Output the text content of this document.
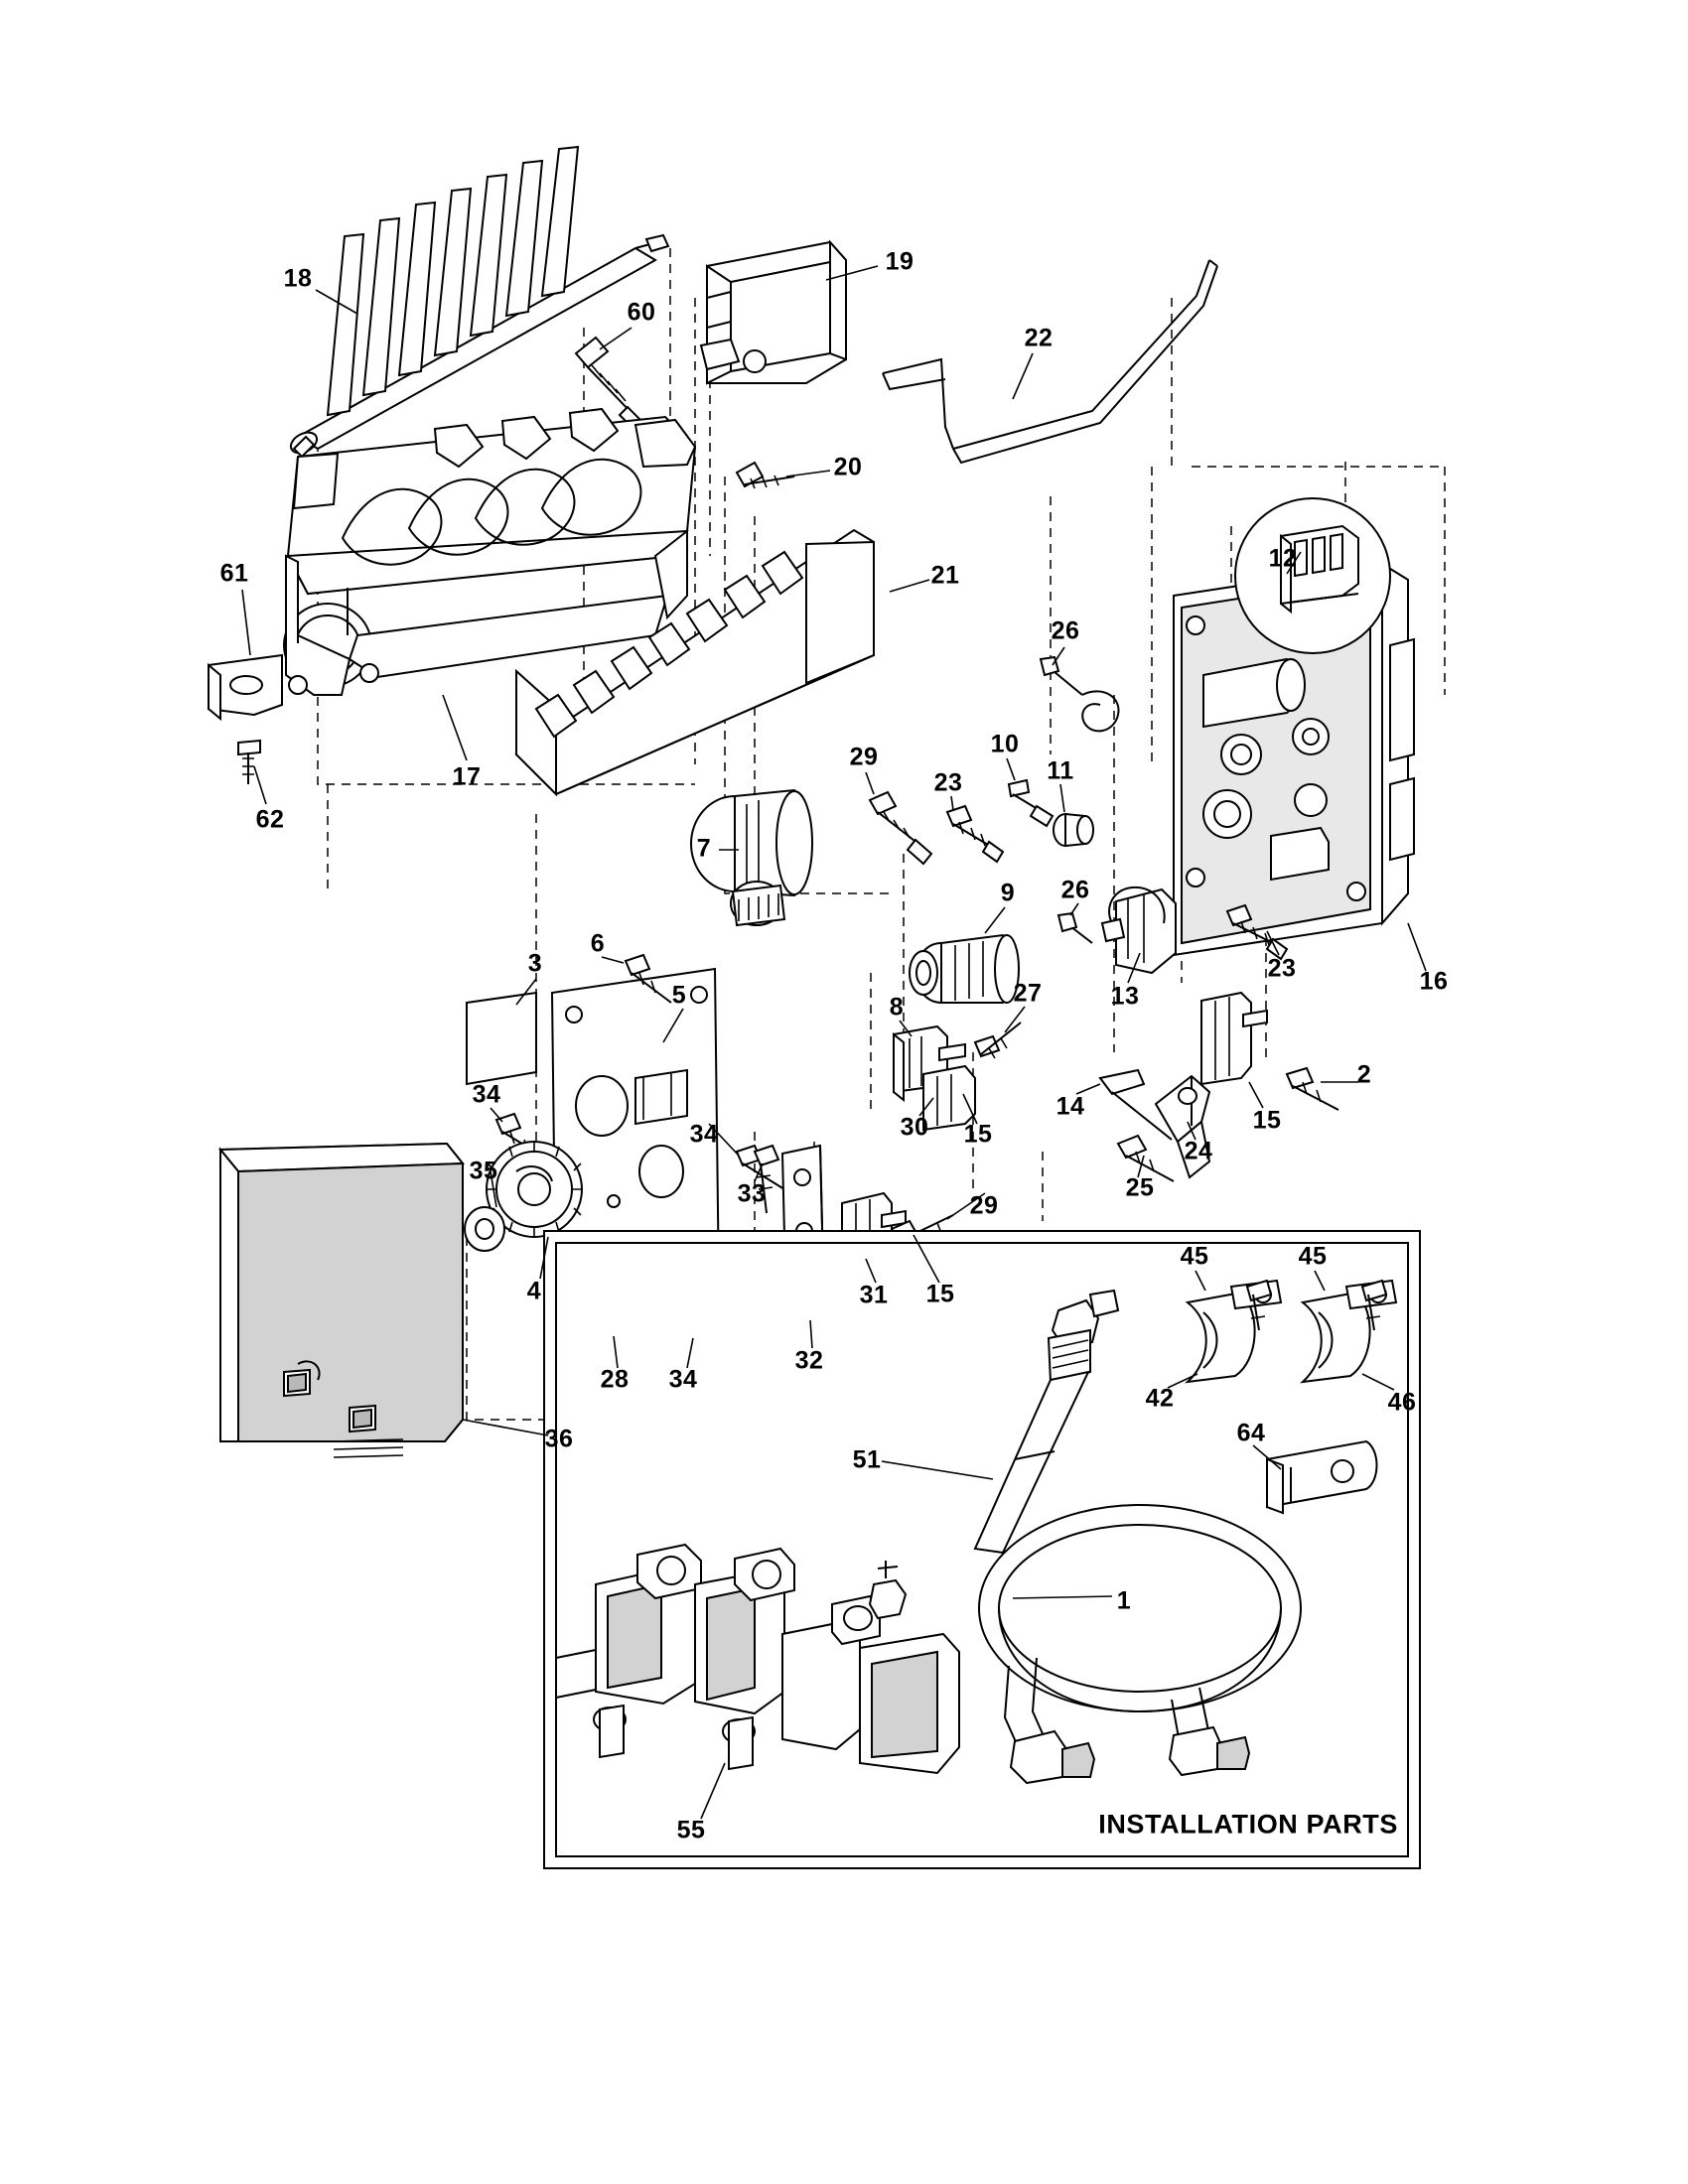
18
60
19
22
20
21
61
17
62
12
26
29
23
10
11
7
9 26
13
23	16
3
6
5	8	27
14	15
2
34
35
30 15
34
33	29
24
25
4	31 15
32
28 34
36
45	45
42	46
64
51
1
55	INSTALLATION PARTS
